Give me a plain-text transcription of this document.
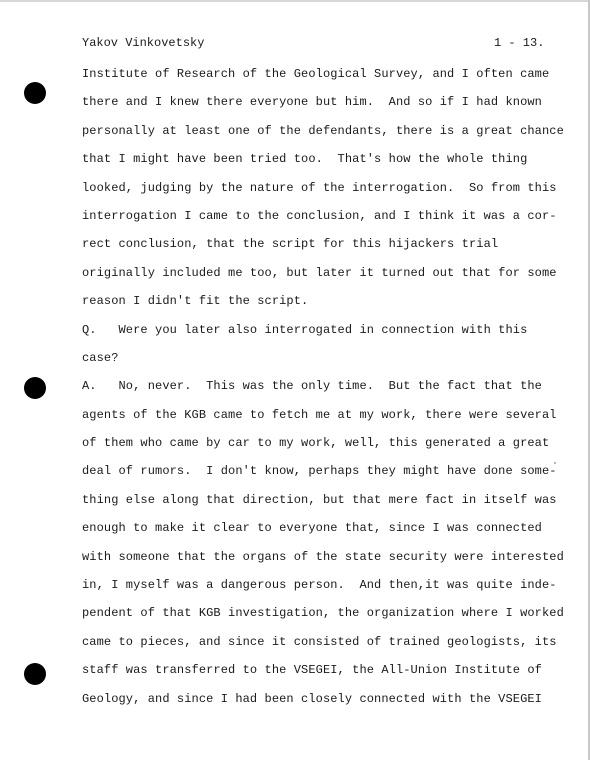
Yakov Vinkovetsky	1 - 13.
Institute of Research of the Geological Survey, and I often came
there and I knew there everyone but him.  And so if I had known
personally at least one of the defendants, there is a great chance
that I might have been tried too.  That's how the whole thing
looked, judging by the nature of the interrogation.  So from this
interrogation I came to the conclusion, and I think it was a cor-
rect conclusion, that the script for this hijackers trial
originally included me too, but later it turned out that for some
reason I didn't fit the script.
Q.   Were you later also interrogated in connection with this
case?
A.   No, never.  This was the only time.  But the fact that the
agents of the KGB came to fetch me at my work, there were several
of them who came by car to my work, well, this generated a great
deal of rumors.  I don't know, perhaps they might have done some-
thing else along that direction, but that mere fact in itself was
enough to make it clear to everyone that, since I was connected
with someone that the organs of the state security were interested
in, I myself was a dangerous person.  And then,it was quite inde-
pendent of that KGB investigation, the organization where I worked
came to pieces, and since it consisted of trained geologists, its
staff was transferred to the VSEGEI, the All-Union Institute of
Geology, and since I had been closely connected with the VSEGEI
